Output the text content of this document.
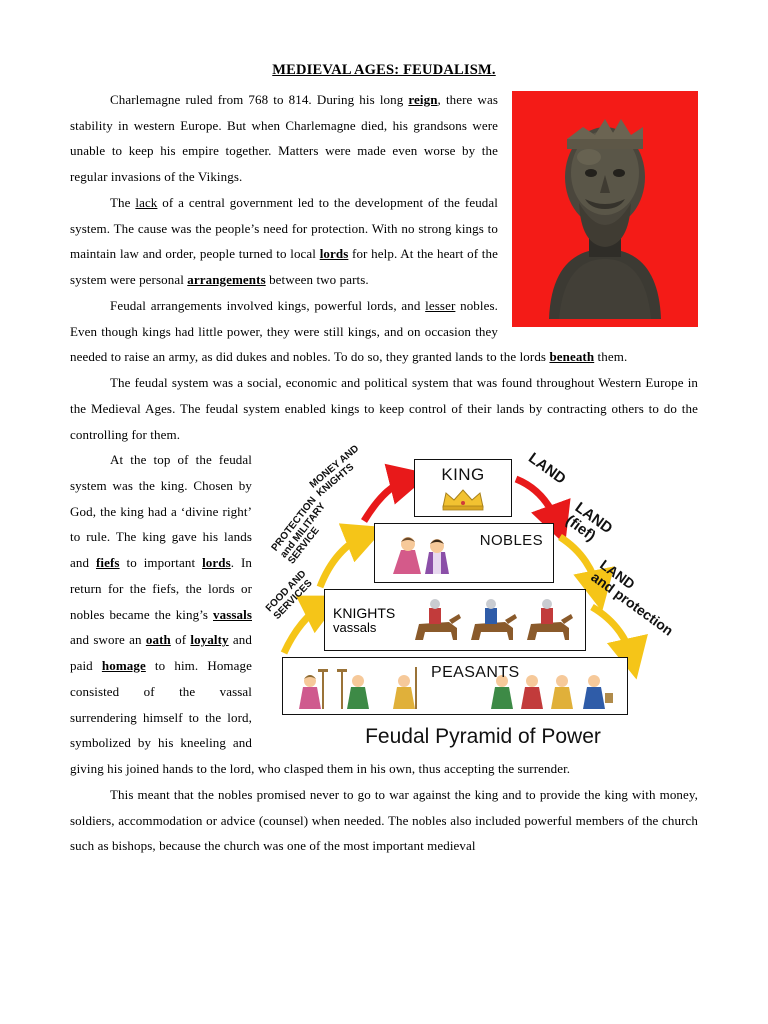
MEDIEVAL AGES: FEUDALISM.

Charlemagne ruled from 768 to 814. During his long reign, there was stability in western Europe. But when Charlemagne died, his grandsons were unable to keep his empire together. Matters were made even worse by the regular invasions of the Vikings.

The lack of a central government led to the development of the feudal system. The cause was the people’s need for protection. With no strong kings to maintain law and order, people turned to local lords for help. At the heart of the system were personal arrangements between two parts.

Feudal arrangements involved kings, powerful lords, and lesser nobles. Even though kings had little power, they were still kings, and on occasion they needed to raise an army, as did dukes and nobles. To do so, they granted lands to the lords beneath them.

The feudal system was a social, economic and political system that was found throughout Western Europe in the Medieval Ages. The feudal system enabled kings to keep control of their lands by contracting others to do the controlling for them.

MONEY AND
KNIGHTS
PROTECTION
and MILITARY
SERVICE
FOOD AND
SERVICES
LAND
LAND
(fief)
LAND
and protection
KING
NOBLES
KNIGHTS
vassals
PEASANTS
Feudal Pyramid of Power

At the top of the feudal system was the king. Chosen by God, the king had a ‘divine right’ to rule. The king gave his lands and fiefs to important lords. In return for the fiefs, the lords or nobles became the king’s vassals and swore an oath of loyalty and paid homage to him. Homage consisted of the vassal surrendering himself to the lord, symbolized by his kneeling and giving his joined hands to the lord, who clasped them in his own, thus accepting the surrender.

This meant that the nobles promised never to go to war against the king and to provide the king with money, soldiers, accommodation or advice (counsel) when needed. The nobles also included powerful members of the church such as bishops, because the church was one of the most important medieval
